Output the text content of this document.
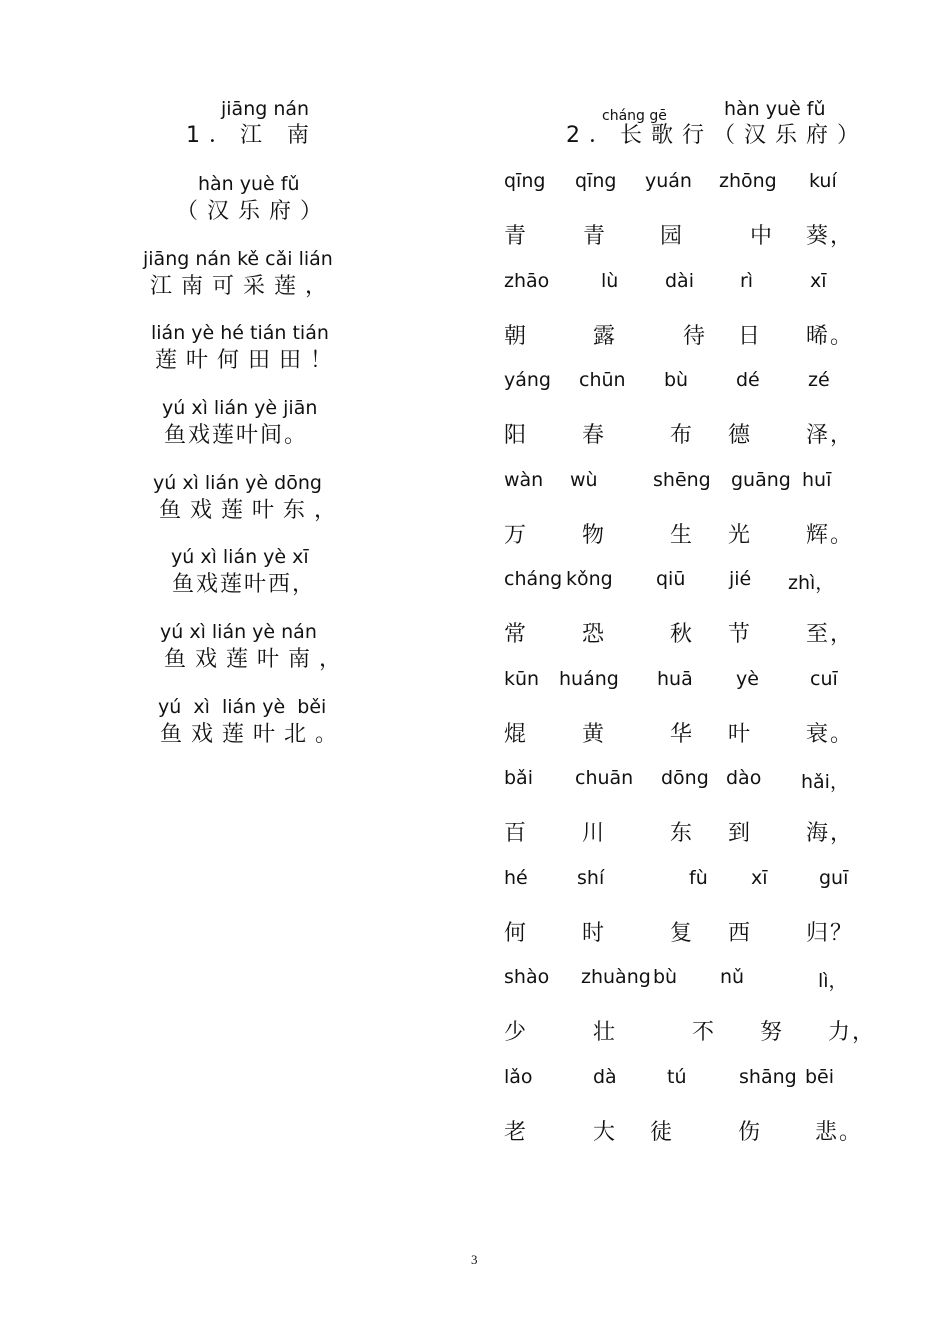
jiāng nán
1．江 南
hàn yuè fǔ
（汉乐府）
jiāng nán kě cǎi lián
江南可采莲，
lián yè hé tián tián
莲叶何田田！
yú xì lián yè jiān
鱼戏莲叶间。
yú xì lián yè dōng
鱼戏莲叶东，
yú xì lián yè xī
鱼戏莲叶西，
yú xì lián yè nán
鱼戏莲叶南，
yú  xì  lián yè  běi
鱼戏莲叶北。
cháng gē	hàn yuè fǔ
2．长歌行（汉乐府）
qīng qīng yuán zhōng kuí
青 青 园	中 葵，
zhāo	lù dài rì	xī
朝	露	待 日 晞。
yáng chūn bù	dé	zé
阳 春	布 德 泽，
wàn wù	shēng guāng huī
万 物	生 光 辉。
cháng kǒng qiū jié zhì，
常 恐	秋 节 至，
kūn huáng huā yè	cuī
焜 黄	华 叶 衰。
bǎi chuān dōng dào hǎi，
百 川	东 到 海，
hé	shí	fù xī	guī
何 时	复 西 归？
shào zhuàng bù nǔ	lì，
少	壮	不 努 力，
lǎo	dà	tú	shāng bēi
老	大 徒	伤 悲。
3
